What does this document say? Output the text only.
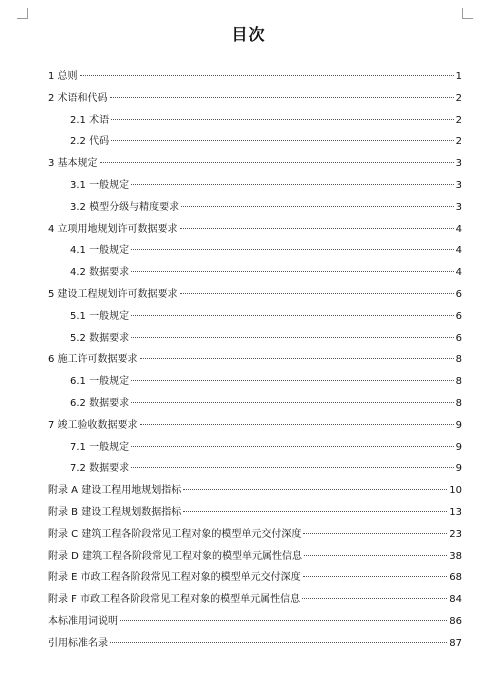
目次
1 总则	1
2 术语和代码	2
2.1 术语	2
2.2 代码	2
3 基本规定	3
3.1 一般规定	3
3.2 模型分级与精度要求	3
4 立项用地规划许可数据要求	4
4.1 一般规定	4
4.2 数据要求	4
5 建设工程规划许可数据要求	6
5.1 一般规定	6
5.2 数据要求	6
6 施工许可数据要求	8
6.1 一般规定	8
6.2 数据要求	8
7 竣工验收数据要求	9
7.1 一般规定	9
7.2 数据要求	9
附录 A 建设工程用地规划指标	10
附录 B 建设工程规划数据指标	13
附录 C 建筑工程各阶段常见工程对象的模型单元交付深度	23
附录 D 建筑工程各阶段常见工程对象的模型单元属性信息	38
附录 E 市政工程各阶段常见工程对象的模型单元交付深度	68
附录 F 市政工程各阶段常见工程对象的模型单元属性信息	84
本标准用词说明	86
引用标准名录	87
